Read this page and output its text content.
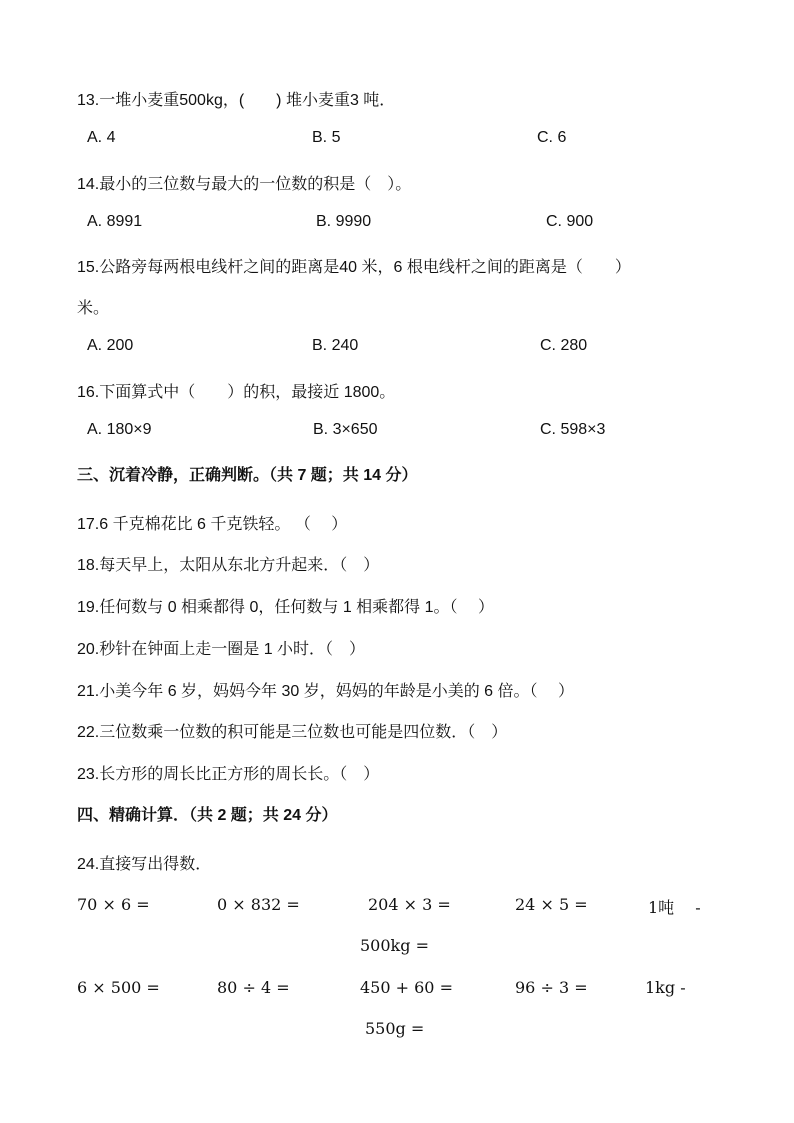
13.一堆小麦重500kg，(　　) 堆小麦重3 吨．
A. 4	B. 5	C. 6
14.最小的三位数与最大的一位数的积是（　）。
A. 8991	B. 9990	C. 900
15.公路旁每两根电线杆之间的距离是40 米，6 根电线杆之间的距离是（　　）
米。
A. 200	B. 240	C. 280
16.下面算式中（　　）的积，最接近 1800。
A. 180×9	B. 3×650	C. 598×3
三、沉着冷静，正确判断。（共 7 题；共 14 分）
17.6 千克棉花比 6 千克铁轻。 （　 ）
18.每天早上，太阳从东北方升起来．（　）
19.任何数与 0 相乘都得 0，任何数与 1 相乘都得 1。（　 ）
20.秒针在钟面上走一圈是 1 小时．（　）
21.小美今年 6 岁，妈妈今年 30 岁，妈妈的年龄是小美的 6 倍。（　 ）
22.三位数乘一位数的积可能是三位数也可能是四位数．（　）
23.长方形的周长比正方形的周长长。（　）
四、精确计算．（共 2 题；共 24 分）
24.直接写出得数．
70 × 6 =	0 × 832 =	204 × 3 =	24 × 5 =	1吨　 -
500kg =
6 × 500 =	80 ÷ 4 =	450 + 60 =	96 ÷ 3 =	1kg -
550g =
